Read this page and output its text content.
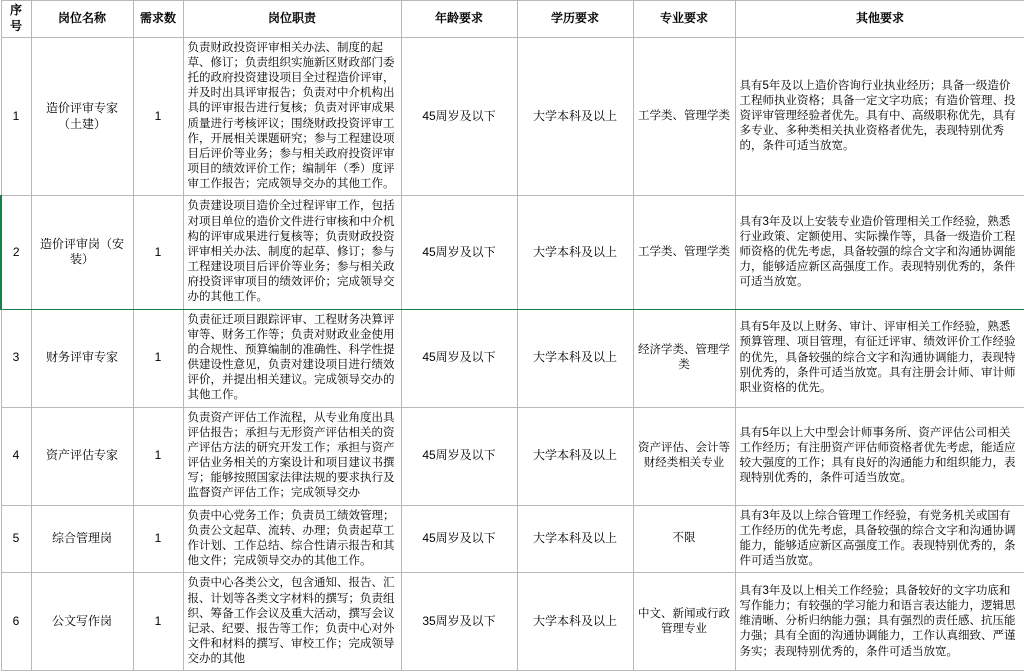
序号	岗位名称	需求数	岗位职责	年龄要求	学历要求	专业要求	其他要求
1	造价评审专家（土建）	1	负责财政投资评审相关办法、制度的起草、修订；负责组织实施新区财政部门委托的政府投资建设项目全过程造价评审，并及时出具评审报告；负责对中介机构出具的评审报告进行复核；负责对评审成果质量进行考核评议；围绕财政投资评审工作，开展相关课题研究；参与工程建设项目后评价等业务；参与相关政府投资评审项目的绩效评价工作；编制年（季）度评审工作报告；完成领导交办的其他工作。	45周岁及以下	大学本科及以上	工学类、管理学类	具有5年及以上造价咨询行业执业经历；具备一级造价工程师执业资格；具备一定文字功底；有造价管理、投资评审管理经验者优先。具有中、高级职称优先，具有多专业、多种类相关执业资格者优先，表现特别优秀的，条件可适当放宽。
2	造价评审岗（安装）	1	负责建设项目造价全过程评审工作，包括对项目单位的造价文件进行审核和中介机构的评审成果进行复核等；负责财政投资评审相关办法、制度的起草、修订；参与工程建设项目后评价等业务；参与相关政府投资评审项目的绩效评价；完成领导交办的其他工作。	45周岁及以下	大学本科及以上	工学类、管理学类	具有3年及以上安装专业造价管理相关工作经验，熟悉行业政策、定额使用、实际操作等，具备一级造价工程师资格的优先考虑，具备较强的综合文字和沟通协调能力，能够适应新区高强度工作。表现特别优秀的，条件可适当放宽。
3	财务评审专家	1	负责征迁项目跟踪评审、工程财务决算评审等、财务工作等；负责对财政业金使用的合规性、预算编制的准确性、科学性提供建设性意见，负责对建设项目进行绩效评价，并提出相关建议。完成领导交办的其他工作。	45周岁及以下	大学本科及以上	经济学类、管理学类	具有5年及以上财务、审计、评审相关工作经验，熟悉预算管理、项目管理，有征迁评审、绩效评价工作经验的优先，具备较强的综合文字和沟通协调能力，表现特别优秀的，条件可适当放宽。具有注册会计师、审计师职业资格的优先。
4	资产评估专家	1	负责资产评估工作流程，从专业角度出具评估报告；承担与无形资产评估相关的资产评估方法的研究开发工作；承担与资产评估业务相关的方案设计和项目建议书撰写；能够按照国家法律法规的要求执行及监督资产评估工作；完成领导交办	45周岁及以下	大学本科及以上	资产评估、会计等财经类相关专业	具有5年以上大中型会计师事务所、资产评估公司相关工作经历；有注册资产评估师资格者优先考虑，能适应较大强度的工作；具有良好的沟通能力和组织能力，表现特别优秀的，条件可适当放宽。
5	综合管理岗	1	负责中心党务工作；负责员工绩效管理；负责公文起草、流转、办理；负责起草工作计划、工作总结、综合性请示报告和其他文件；完成领导交办的其他工作。	45周岁及以下	大学本科及以上	不限	具有3年及以上综合管理工作经验，有党务机关或国有工作经历的优先考虑，具备较强的综合文字和沟通协调能力，能够适应新区高强度工作。表现特别优秀的，条件可适当放宽。
6	公文写作岗	1	负责中心各类公文，包含通知、报告、汇报、计划等各类文字材料的撰写；负责组织、筹备工作会议及重大活动，撰写会议记录、纪要、报告等工作；负责中心对外文件和材料的撰写、审校工作；完成领导交办的其他	35周岁及以下	大学本科及以上	中文、新闻或行政管理专业	具有3年及以上相关工作经验；具备较好的文字功底和写作能力；有较强的学习能力和语言表达能力，逻辑思维清晰、分析归纳能力强；具有强烈的责任感、抗压能力强；具有全面的沟通协调能力，工作认真细致、严谨务实；表现特别优秀的，条件可适当放宽。
